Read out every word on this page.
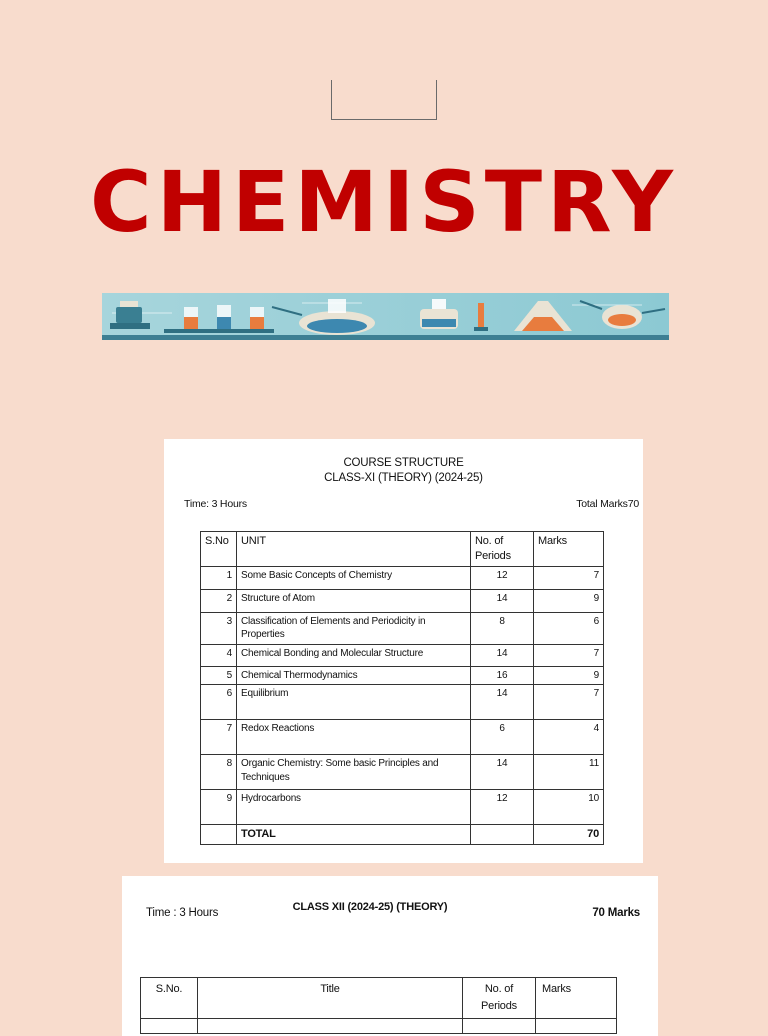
CHEMISTRY
COURSE STRUCTURE
CLASS-XI (THEORY) (2024-25)
Time: 3 Hours	Total Marks70
S.No	UNIT	No. of Periods	Marks
1	Some Basic Concepts of Chemistry	12	7
2	Structure of Atom	14	9
3	Classification of Elements and Periodicity in Properties	8	6
4	Chemical Bonding and Molecular Structure	14	7
5	Chemical Thermodynamics	16	9
6	Equilibrium	14	7
7	Redox Reactions	6	4
8	Organic Chemistry: Some basic Principles and Techniques	14	11
9	Hydrocarbons	12	10
	TOTAL		70
Time : 3 Hours	CLASS XII (2024-25) (THEORY)	70 Marks
S.No.	Title	No. of Periods	Marks
